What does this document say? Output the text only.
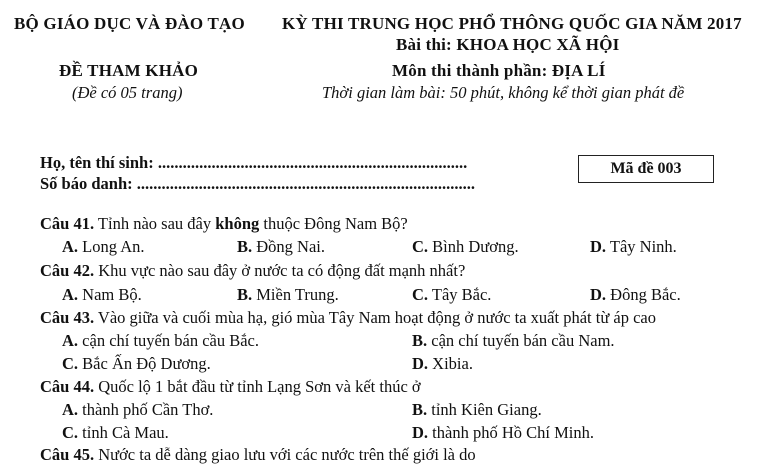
BỘ GIÁO DỤC VÀ ĐÀO TẠO KỲ THI TRUNG HỌC PHỔ THÔNG QUỐC GIA NĂM 2017
Bài thi: KHOA HỌC XÃ HỘI
ĐỀ THAM KHẢO	Môn thi thành phần: ĐỊA LÍ
(Đề có 05 trang)	Thời gian làm bài: 50 phút, không kể thời gian phát đề
Họ, tên thí sinh: ...........................................................................
Số báo danh: ..................................................................................
Mã đề 003
Câu 41. Tỉnh nào sau đây không thuộc Đông Nam Bộ?
A. Long An.	B. Đồng Nai.	C. Bình Dương.	D. Tây Ninh.
Câu 42. Khu vực nào sau đây ở nước ta có động đất mạnh nhất?
A. Nam Bộ.	B. Miền Trung.	C. Tây Bắc.	D. Đông Bắc.
Câu 43. Vào giữa và cuối mùa hạ, gió mùa Tây Nam hoạt động ở nước ta xuất phát từ áp cao
A. cận chí tuyến bán cầu Bắc.	B. cận chí tuyến bán cầu Nam.
C. Bắc Ấn Độ Dương.	D. Xibia.
Câu 44. Quốc lộ 1 bắt đầu từ tỉnh Lạng Sơn và kết thúc ở
A. thành phố Cần Thơ.	B. tỉnh Kiên Giang.
C. tỉnh Cà Mau.	D. thành phố Hồ Chí Minh.
Câu 45. Nước ta dễ dàng giao lưu với các nước trên thế giới là do
